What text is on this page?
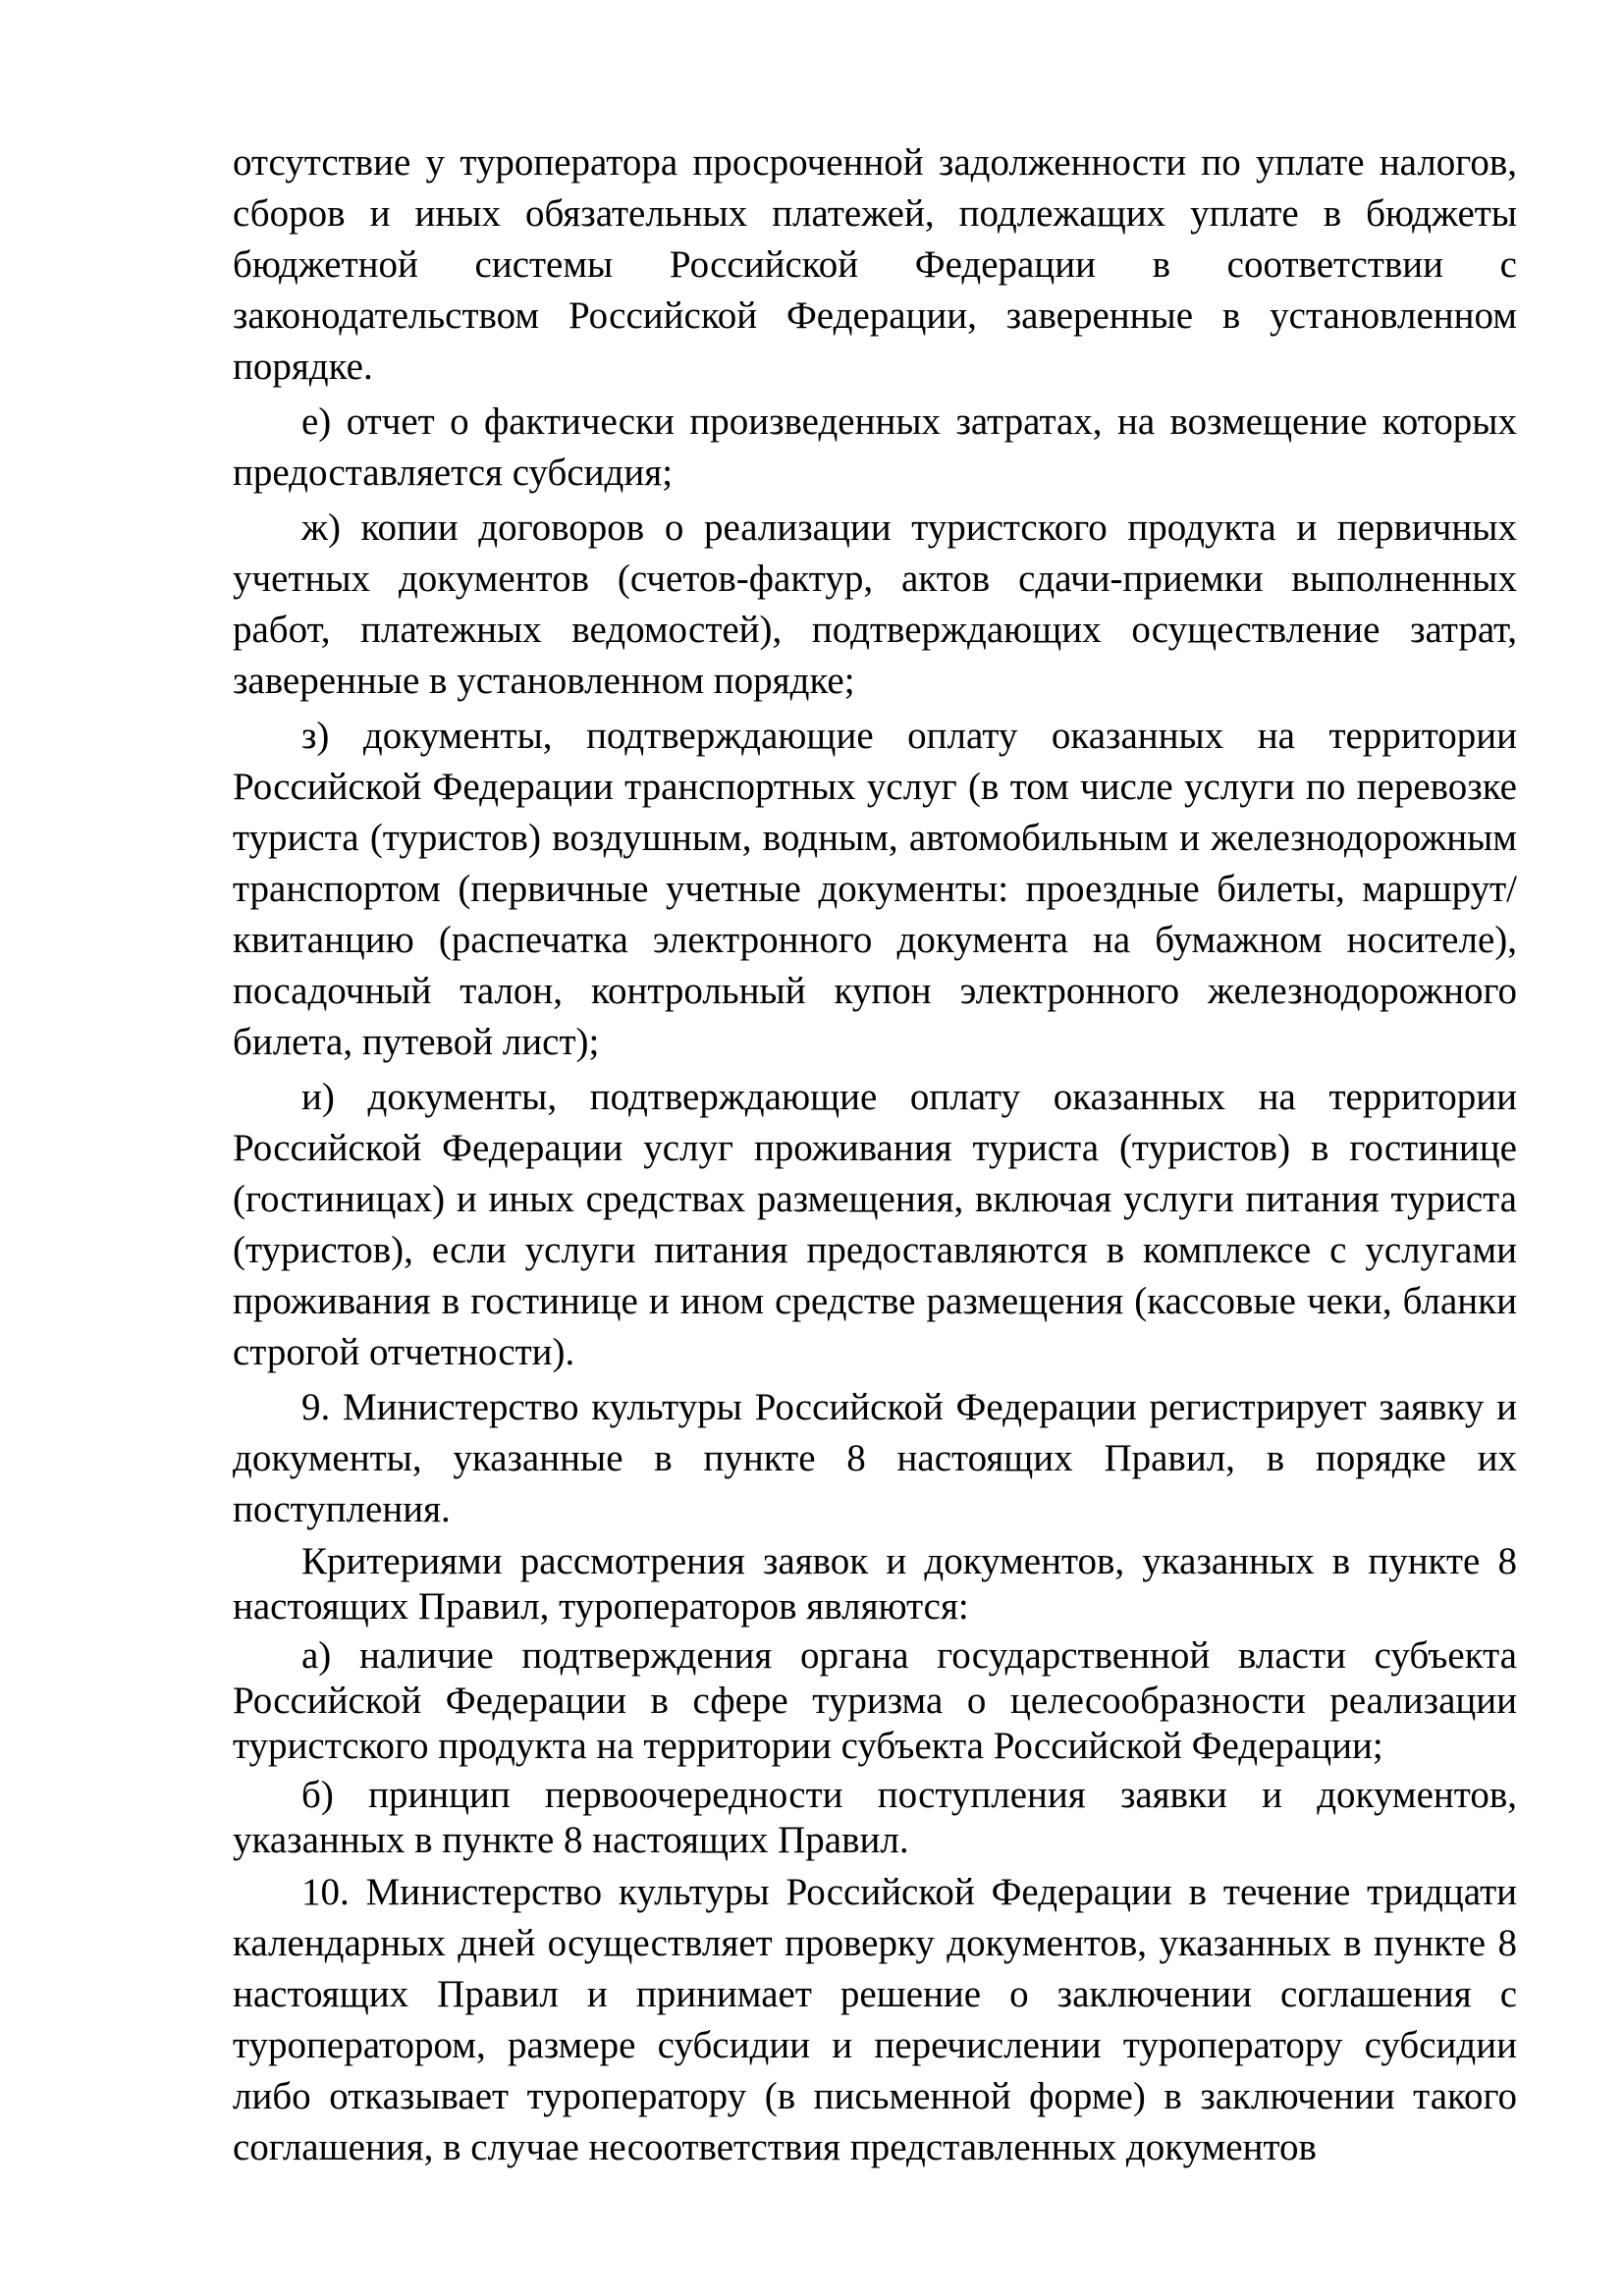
отсутствие у туроператора просроченной задолженности по уплате налогов, сборов и иных обязательных платежей, подлежащих уплате в бюджеты бюджетной системы Российской Федерации в соответствии с законодательством Российской Федерации, заверенные в установленном порядке.

е) отчет о фактически произведенных затратах, на возмещение которых предоставляется субсидия;

ж) копии договоров о реализации туристского продукта и первичных учетных документов (счетов-фактур, актов сдачи-приемки выполненных работ, платежных ведомостей), подтверждающих осуществление затрат, заверенные в установленном порядке;

з) документы, подтверждающие оплату оказанных на территории Российской Федерации транспортных услуг (в том числе услуги по перевозке туриста (туристов) воздушным, водным, автомобильным и железнодорожным транспортом (первичные учетные документы: проездные билеты, маршрут/квитанцию (распечатка электронного документа на бумажном носителе), посадочный талон, контрольный купон электронного железнодорожного билета, путевой лист);

и) документы, подтверждающие оплату оказанных на территории Российской Федерации услуг проживания туриста (туристов) в гостинице (гостиницах) и иных средствах размещения, включая услуги питания туриста (туристов), если услуги питания предоставляются в комплексе с услугами проживания в гостинице и ином средстве размещения (кассовые чеки, бланки строгой отчетности).

9. Министерство культуры Российской Федерации регистрирует заявку и документы, указанные в пункте 8 настоящих Правил, в порядке их поступления.

Критериями рассмотрения заявок и документов, указанных в пункте 8 настоящих Правил, туроператоров являются:

а) наличие подтверждения органа государственной власти субъекта Российской Федерации в сфере туризма о целесообразности реализации туристского продукта на территории субъекта Российской Федерации;

б) принцип первоочередности поступления заявки и документов, указанных в пункте 8 настоящих Правил.

10. Министерство культуры Российской Федерации в течение тридцати календарных дней осуществляет проверку документов, указанных в пункте 8 настоящих Правил и принимает решение о заключении соглашения с туроператором, размере субсидии и перечислении туроператору субсидии либо отказывает туроператору (в письменной форме) в заключении такого соглашения, в случае несоответствия представленных документов
